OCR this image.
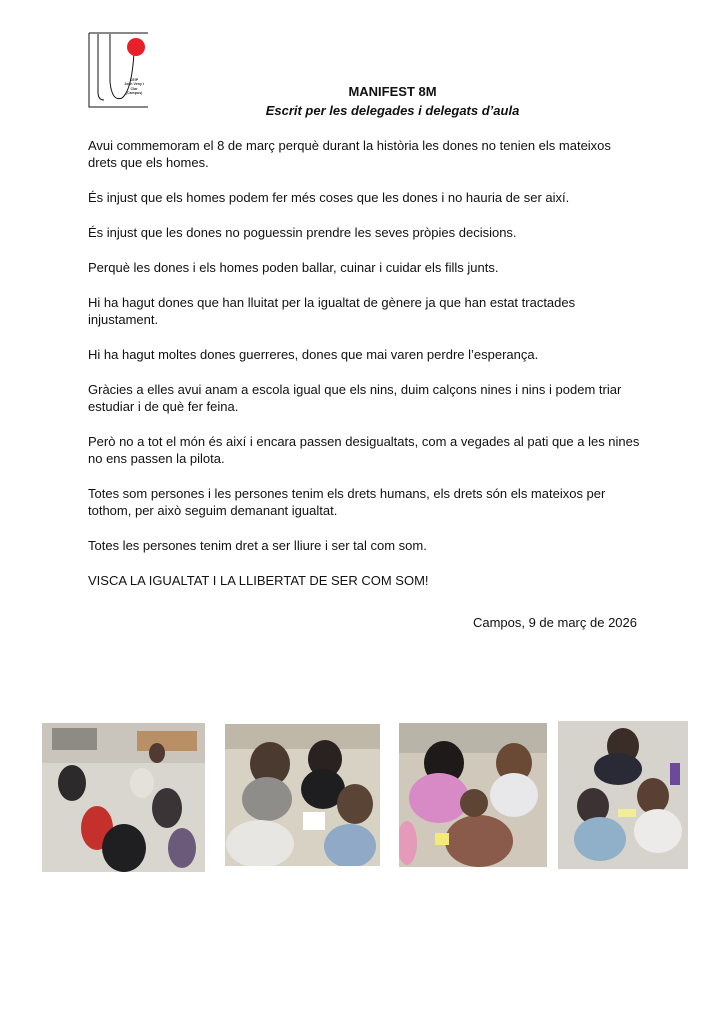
CEIP
Joan Veny i
Clar
(Campos)	MANIFEST 8M
Escrit per les delegades i delegats d’aula

Avui commemoram el 8 de març perquè durant la història les dones no tenien els mateixos drets que els homes.

És injust que els homes podem fer més coses que les dones i no hauria de ser així.

És injust que les dones no poguessin prendre les seves pròpies decisions.

Perquè les dones i els homes poden ballar, cuinar i cuidar els fills junts.

Hi ha hagut dones que han lluitat per la igualtat de gènere ja que han estat tractades injustament.

Hi ha hagut moltes dones guerreres, dones que mai varen perdre l’esperança.

Gràcies a elles avui anam a escola igual que els nins, duim calçons nines i nins i podem triar estudiar i de què fer feina.

Però no a tot el món és així i encara passen desigualtats, com a vegades al pati que a les nines no ens passen la pilota.

Totes som persones i les persones tenim els drets humans, els drets són els mateixos per tothom, per això seguim demanant igualtat.

Totes les persones tenim dret a ser lliure i ser tal com som.

VISCA LA IGUALTAT I LA LLIBERTAT DE SER COM SOM!

Campos, 9 de març de 2026
